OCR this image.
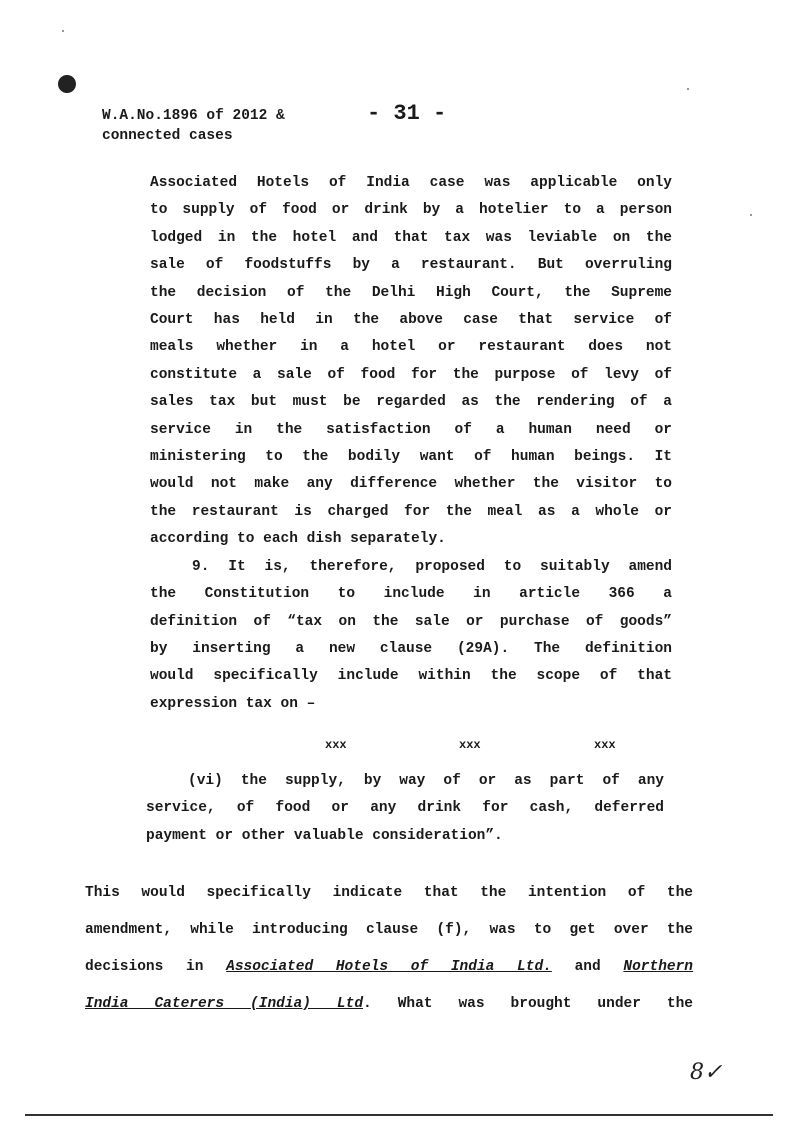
W.A.No.1896 of 2012 &
connected cases
- 31 -
Associated Hotels of India case was applicable only
to supply of food or drink by a hotelier to a person
lodged in the hotel and that tax was leviable on the
sale of foodstuffs by a restaurant. But overruling
the decision of the Delhi High Court, the Supreme
Court has held in the above case that service of
meals whether in a hotel or restaurant does not
constitute a sale of food for the purpose of levy of
sales tax but must be regarded as the rendering of a
service in the satisfaction of a human need or
ministering to the bodily want of human beings. It
would not make any difference whether the visitor to
the restaurant is charged for the meal as a whole or
according to each dish separately.
9. It is, therefore, proposed to suitably amend
the Constitution to include in article 366 a
definition of “tax on the sale or purchase of goods”
by inserting a new clause (29A). The definition
would specifically include within the scope of that
expression tax on –
xxx	xxx	xxx
(vi) the supply, by way of or as part of any
service, of food or any drink for cash, deferred
payment or other valuable consideration”.
This would specifically indicate that the intention of the
amendment, while introducing clause (f), was to get over the
decisions in Associated Hotels of India Ltd. and Northern
India Caterers (India) Ltd. What was brought under the
8✓
